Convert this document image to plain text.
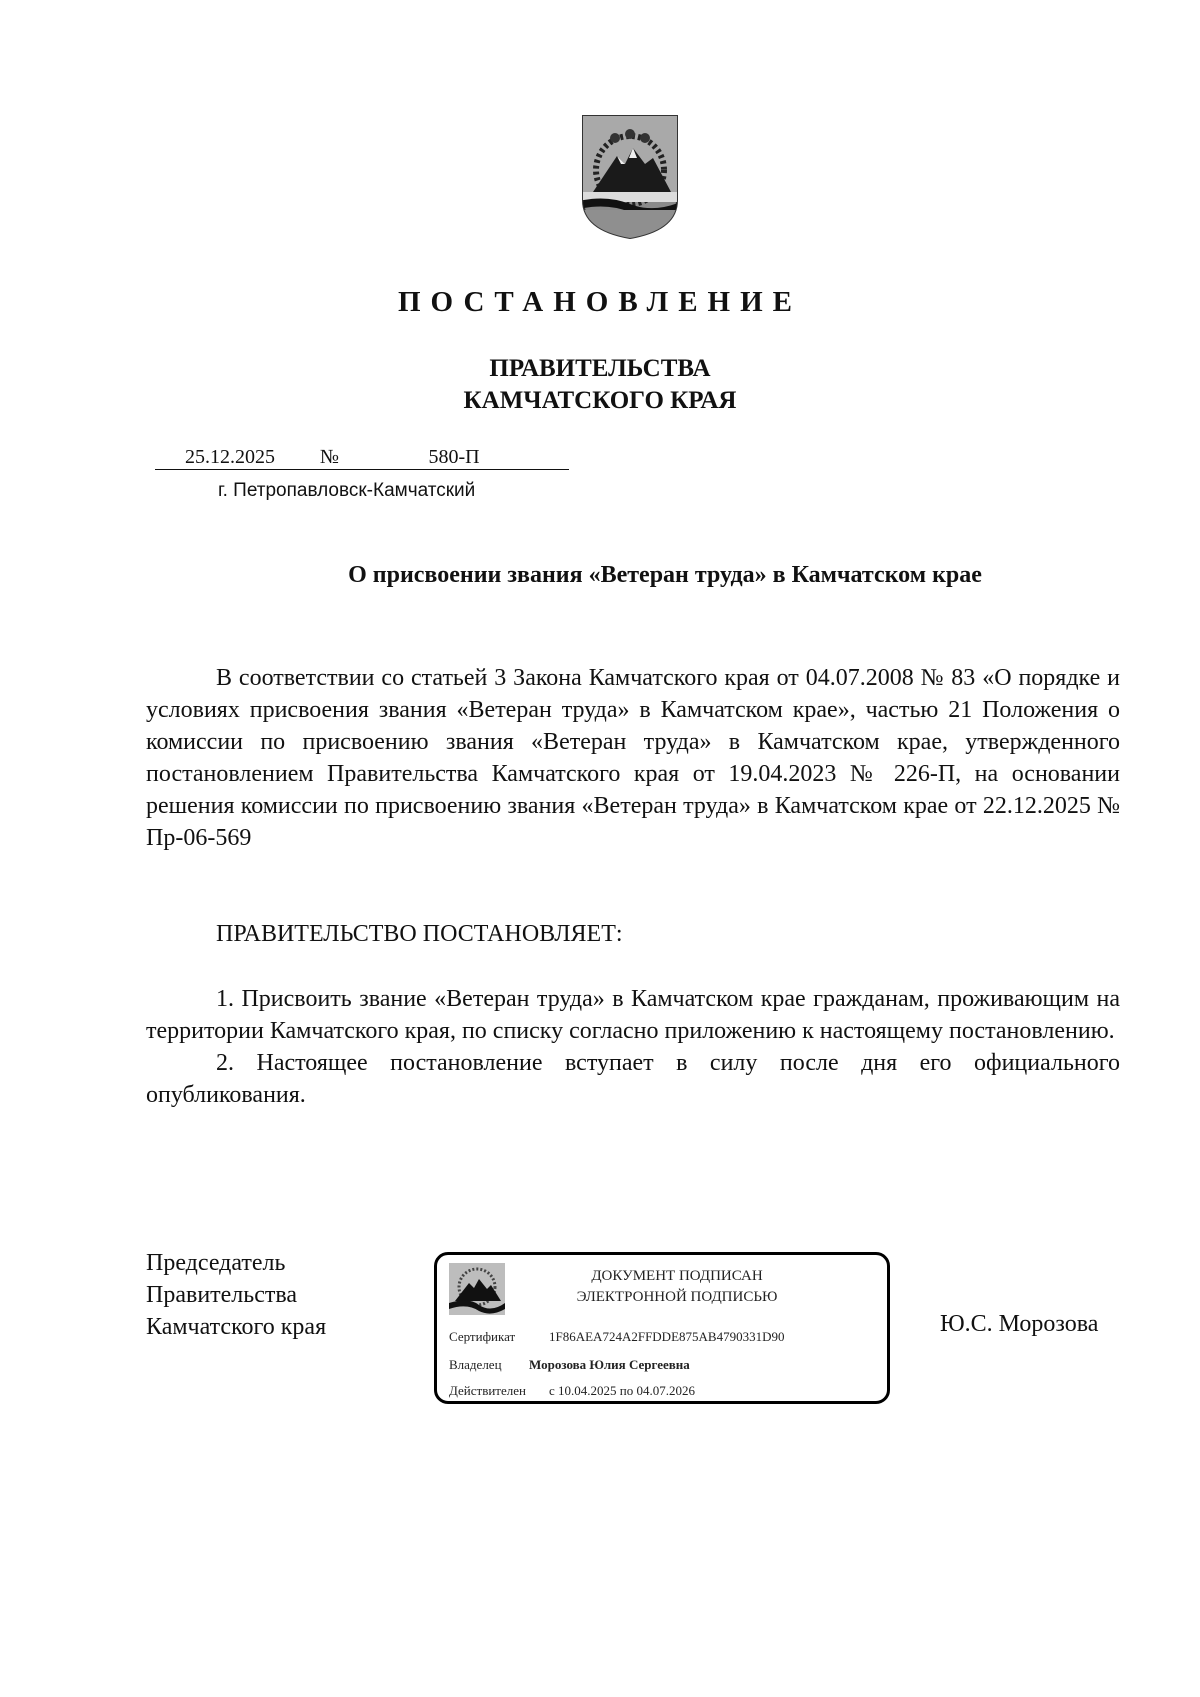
ПОСТАНОВЛЕНИЕ
ПРАВИТЕЛЬСТВА
КАМЧАТСКОГО КРАЯ
25.12.2025 №	580-П
г. Петропавловск-Камчатский
О присвоении звания «Ветеран труда» в Камчатском крае

В соответствии со статьей 3 Закона Камчатского края от 04.07.2008 № 83 «О порядке и условиях присвоения звания «Ветеран труда» в Камчатском крае», частью 21 Положения о комиссии по присвоению звания «Ветеран труда» в Камчатском крае, утвержденного постановлением Правительства Камчатского края от 19.04.2023 № 226-П, на основании решения комиссии по присвоению звания «Ветеран труда» в Камчатском крае от 22.12.2025 № Пр-06-569

ПРАВИТЕЛЬСТВО ПОСТАНОВЛЯЕТ:

1. Присвоить звание «Ветеран труда» в Камчатском крае гражданам, проживающим на территории Камчатского края, по списку согласно приложению к настоящему постановлению.

2. Настоящее постановление вступает в силу после дня его официального опубликования.

Председатель
Правительства
Камчатского края
ДОКУМЕНТ ПОДПИСАН
ЭЛЕКТРОННОЙ ПОДПИСЬЮ
Сертификат	1F86AEA724A2FFDDE875AB4790331D90
Владелец Морозова Юлия Сергеевна
Действителен с 10.04.2025 по 04.07.2026
Ю.С. Морозова
